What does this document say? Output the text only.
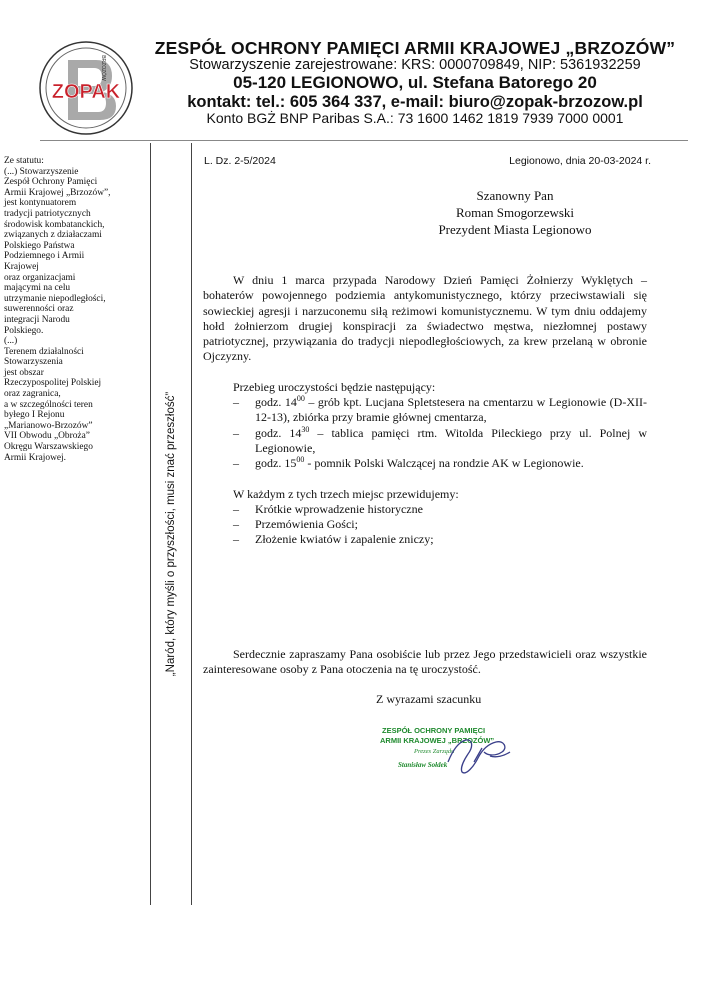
ZOPAK
BRZOZÓW
ZESPÓŁ OCHRONY PAMIĘCI ARMII KRAJOWEJ „BRZOZÓW”
Stowarzyszenie zarejestrowane: KRS: 0000709849, NIP: 5361932259
05-120 LEGIONOWO, ul. Stefana Batorego 20
kontakt: tel.: 605 364 337, e-mail: biuro@zopak-brzozow.pl
Konto BGŻ BNP Paribas S.A.: 73 1600 1462 1819 7939 7000 0001
Ze statutu:
(...) Stowarzyszenie
Zespół Ochrony Pamięci
Armii Krajowej „Brzozów”,
jest kontynuatorem
tradycji patriotycznych
środowisk kombatanckich,
związanych z działaczami
Polskiego Państwa
Podziemnego i Armii
Krajowej
oraz organizacjami
mającymi na celu
utrzymanie niepodległości,
suwerenności oraz
integracji Narodu
Polskiego.
(...)
Terenem działalności
Stowarzyszenia
jest obszar
Rzeczypospolitej Polskiej
oraz zagranica,
a w szczególności teren
byłego I Rejonu
„Marianowo-Brzozów”
VII Obwodu „Obroża”
Okręgu Warszawskiego
Armii Krajowej.	„Naród, który myśli o przyszłości, musi znać przeszłość”
L. Dz. 2-5/2024	Legionowo, dnia 20-03-2024 r.
Szanowny Pan
Roman Smogorzewski
Prezydent Miasta Legionowo

W dniu 1 marca przypada Narodowy Dzień Pamięci Żołnierzy Wyklętych – bohaterów powojennego podziemia antykomunistycznego, którzy przeciwstawiali się sowieckiej agresji i narzuconemu siłą reżimowi komunistycznemu. W tym dniu oddajemy hołd żołnierzom drugiej konspiracji za świadectwo męstwa, niezłomnej postawy patriotycznej, przywiązania do tradycji niepodległościowych, za krew przelaną w obronie Ojczyzny.

Przebieg uroczystości będzie następujący:

– godz. $14^{00}$ – grób kpt. Lucjana Spletstesera na cmentarzu w Legionowie (D-XII-12-13), zbiórka przy bramie głównej cmentarza,

– godz. $14^{30}$ – tablica pamięci rtm. Witolda Pileckiego przy ul. Polnej w Legionowie,

– godz. $15^{00}$ - pomnik Polski Walczącej na rondzie AK w Legionowie.

W każdym z tych trzech miejsc przewidujemy:

– Krótkie wprowadzenie historyczne

– Przemówienia Gości;

– Złożenie kwiatów i zapalenie zniczy;

Serdecznie zapraszamy Pana osobiście lub przez Jego przedstawicieli oraz wszystkie zainteresowane osoby z Pana otoczenia na tę uroczystość.

Z wyrazami szacunku
ZESPÓŁ OCHRONY PAMIĘCI
ARMII KRAJOWEJ „BRZOZÓW”
Prezes Zarządu
Stanisław Sołdek
